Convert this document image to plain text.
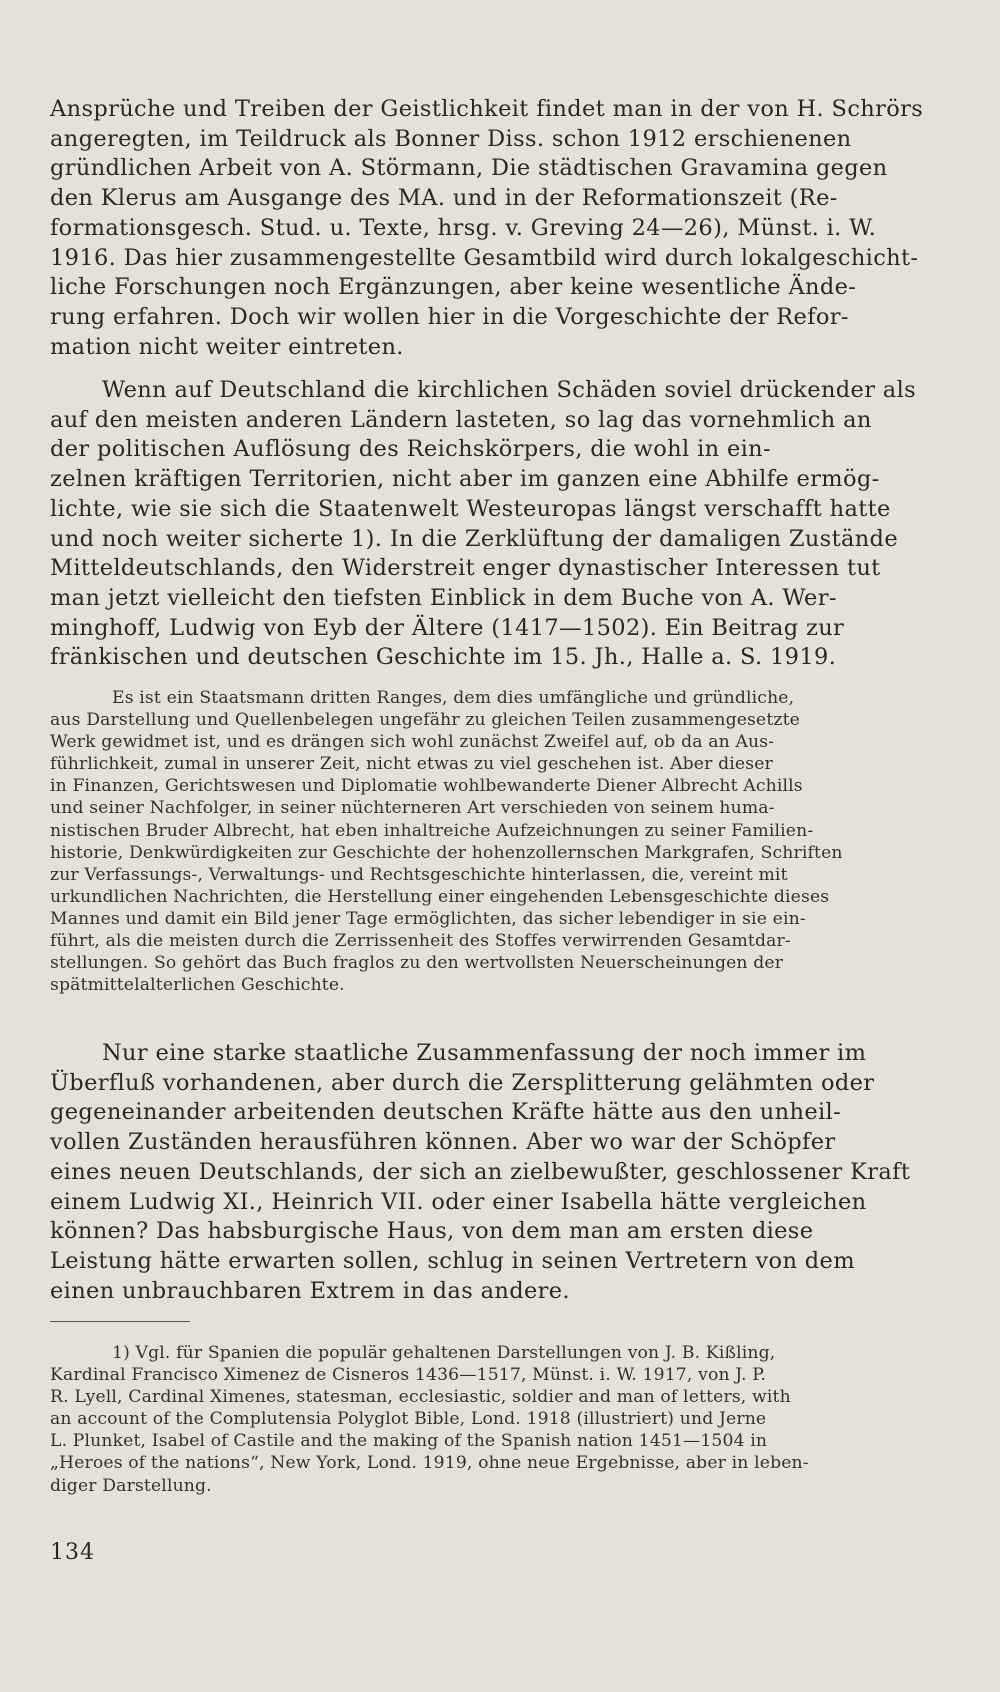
Ansprüche und Treiben der Geistlichkeit findet man in der von H. Schrörs
angeregten, im Teildruck als Bonner Diss. schon 1912 erschienenen
gründlichen Arbeit von A. Störmann, Die städtischen Gravamina gegen
den Klerus am Ausgange des MA. und in der Reformationszeit (Re-
formationsgesch. Stud. u. Texte, hrsg. v. Greving 24—26), Münst. i. W.
1916. Das hier zusammengestellte Gesamtbild wird durch lokalgeschicht-
liche Forschungen noch Ergänzungen, aber keine wesentliche Ände-
rung erfahren. Doch wir wollen hier in die Vorgeschichte der Refor-
mation nicht weiter eintreten.
Wenn auf Deutschland die kirchlichen Schäden soviel drückender als
auf den meisten anderen Ländern lasteten, so lag das vornehmlich an
der politischen Auflösung des Reichskörpers, die wohl in ein-
zelnen kräftigen Territorien, nicht aber im ganzen eine Abhilfe ermög-
lichte, wie sie sich die Staatenwelt Westeuropas längst verschafft hatte
und noch weiter sicherte 1). In die Zerklüftung der damaligen Zustände
Mitteldeutschlands, den Widerstreit enger dynastischer Interessen tut
man jetzt vielleicht den tiefsten Einblick in dem Buche von A. Wer-
minghoff, Ludwig von Eyb der Ältere (1417—1502). Ein Beitrag zur
fränkischen und deutschen Geschichte im 15. Jh., Halle a. S. 1919.
Es ist ein Staatsmann dritten Ranges, dem dies umfängliche und gründliche,
aus Darstellung und Quellenbelegen ungefähr zu gleichen Teilen zusammengesetzte
Werk gewidmet ist, und es drängen sich wohl zunächst Zweifel auf, ob da an Aus-
führlichkeit, zumal in unserer Zeit, nicht etwas zu viel geschehen ist. Aber dieser
in Finanzen, Gerichtswesen und Diplomatie wohlbewanderte Diener Albrecht Achills
und seiner Nachfolger, in seiner nüchterneren Art verschieden von seinem huma-
nistischen Bruder Albrecht, hat eben inhaltreiche Aufzeichnungen zu seiner Familien-
historie, Denkwürdigkeiten zur Geschichte der hohenzollernschen Markgrafen, Schriften
zur Verfassungs-, Verwaltungs- und Rechtsgeschichte hinterlassen, die, vereint mit
urkundlichen Nachrichten, die Herstellung einer eingehenden Lebensgeschichte dieses
Mannes und damit ein Bild jener Tage ermöglichten, das sicher lebendiger in sie ein-
führt, als die meisten durch die Zerrissenheit des Stoffes verwirrenden Gesamtdar-
stellungen. So gehört das Buch fraglos zu den wertvollsten Neuerscheinungen der
spätmittelalterlichen Geschichte.
Nur eine starke staatliche Zusammenfassung der noch immer im
Überfluß vorhandenen, aber durch die Zersplitterung gelähmten oder
gegeneinander arbeitenden deutschen Kräfte hätte aus den unheil-
vollen Zuständen herausführen können. Aber wo war der Schöpfer
eines neuen Deutschlands, der sich an zielbewußter, geschlossener Kraft
einem Ludwig XI., Heinrich VII. oder einer Isabella hätte vergleichen
können? Das habsburgische Haus, von dem man am ersten diese
Leistung hätte erwarten sollen, schlug in seinen Vertretern von dem
einen unbrauchbaren Extrem in das andere.
1) Vgl. für Spanien die populär gehaltenen Darstellungen von J. B. Kißling,
Kardinal Francisco Ximenez de Cisneros 1436—1517, Münst. i. W. 1917, von J. P.
R. Lyell, Cardinal Ximenes, statesman, ecclesiastic, soldier and man of letters, with
an account of the Complutensia Polyglot Bible, Lond. 1918 (illustriert) und Jerne
L. Plunket, Isabel of Castile and the making of the Spanish nation 1451—1504 in
„Heroes of the nations“, New York, Lond. 1919, ohne neue Ergebnisse, aber in leben-
diger Darstellung.
134
